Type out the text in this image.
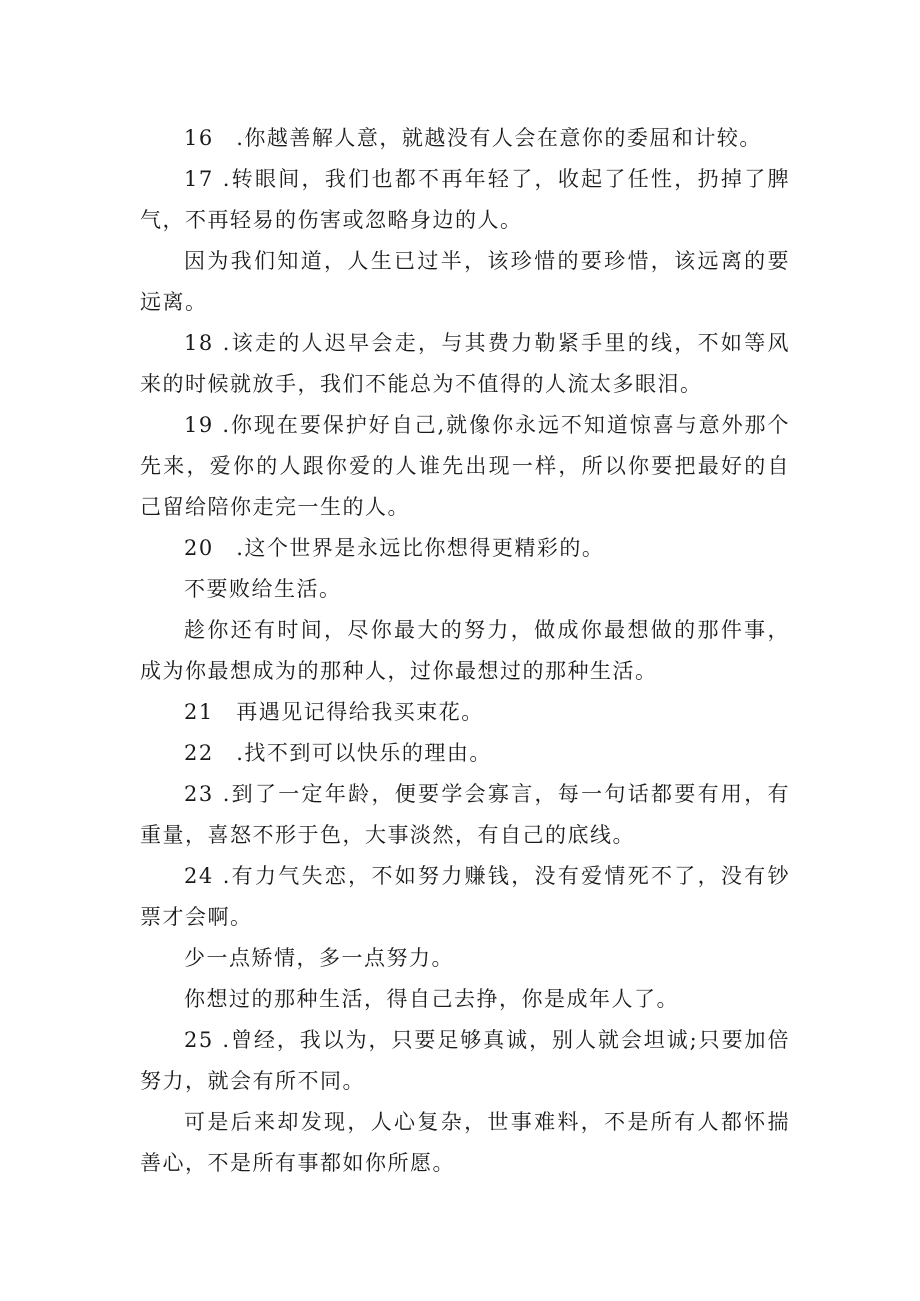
16　.你越善解人意，就越没有人会在意你的委屈和计较。

17 .转眼间，我们也都不再年轻了，收起了任性，扔掉了脾气，不再轻易的伤害或忽略身边的人。

因为我们知道，人生已过半，该珍惜的要珍惜，该远离的要远离。

18 .该走的人迟早会走，与其费力勒紧手里的线，不如等风来的时候就放手，我们不能总为不值得的人流太多眼泪。

19 .你现在要保护好自己,就像你永远不知道惊喜与意外那个先来，爱你的人跟你爱的人谁先出现一样，所以你要把最好的自己留给陪你走完一生的人。

20　.这个世界是永远比你想得更精彩的。

不要败给生活。

趁你还有时间，尽你最大的努力，做成你最想做的那件事，成为你最想成为的那种人，过你最想过的那种生活。

21　再遇见记得给我买束花。

22　.找不到可以快乐的理由。

23 .到了一定年龄，便要学会寡言，每一句话都要有用，有重量，喜怒不形于色，大事淡然，有自己的底线。

24 .有力气失恋，不如努力赚钱，没有爱情死不了，没有钞票才会啊。

少一点矫情，多一点努力。

你想过的那种生活，得自己去挣，你是成年人了。

25 .曾经，我以为，只要足够真诚，别人就会坦诚;只要加倍努力，就会有所不同。

可是后来却发现，人心复杂，世事难料，不是所有人都怀揣善心，不是所有事都如你所愿。
